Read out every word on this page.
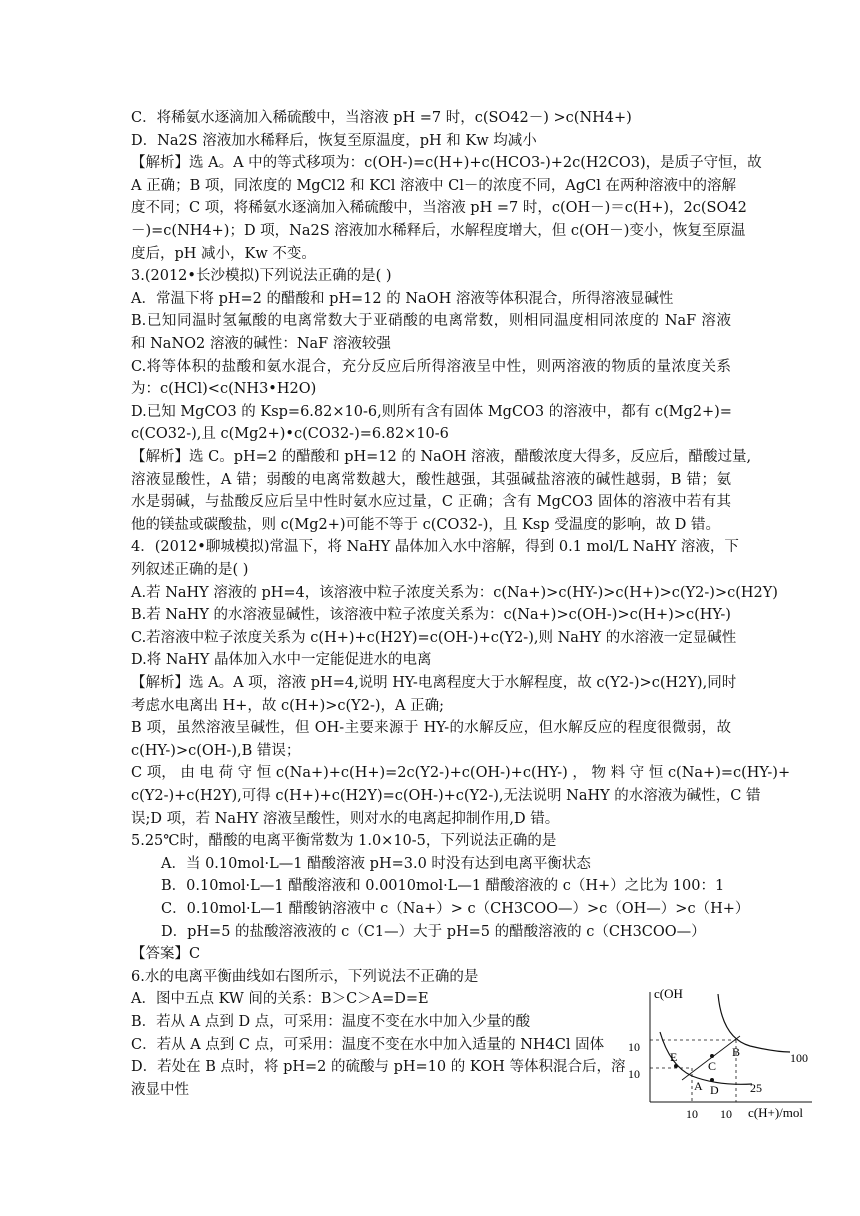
C．将稀氨水逐滴加入稀硫酸中，当溶液 pH =7 时，c(SO42－) >c(NH4+)
D．Na2S 溶液加水稀释后，恢复至原温度，pH 和 Kw 均减小
【解析】选 A。A 中的等式移项为：c(OH-)=c(H+)+c(HCO3-)+2c(H2CO3)，是质子守恒，故
A 正确；B 项，同浓度的 MgCl2 和 KCl 溶液中 Cl－的浓度不同，AgCl 在两种溶液中的溶解
度不同；C 项，将稀氨水逐滴加入稀硫酸中，当溶液 pH =7 时，c(OH－)＝c(H+)，2c(SO42
－)=c(NH4+)；D 项，Na2S 溶液加水稀释后，水解程度增大，但 c(OH－)变小，恢复至原温
度后，pH 减小，Kw 不变。
3.(2012•长沙模拟)下列说法正确的是( )
A．常温下将 pH=2 的醋酸和 pH=12 的 NaOH 溶液等体积混合，所得溶液显碱性
B.已知同温时氢氟酸的电离常数大于亚硝酸的电离常数，则相同温度相同浓度的 NaF 溶液
和 NaNO2 溶液的碱性：NaF 溶液较强
C.将等体积的盐酸和氨水混合，充分反应后所得溶液呈中性，则两溶液的物质的量浓度关系
为：c(HCl)<c(NH3•H2O)
D.已知 MgCO3 的 Ksp=6.82×10-6,则所有含有固体 MgCO3 的溶液中，都有 c(Mg2+)=
c(CO32-),且 c(Mg2+)•c(CO32-)=6.82×10-6
【解析】选 C。pH=2 的醋酸和 pH=12 的 NaOH 溶液，醋酸浓度大得多，反应后，醋酸过量,
溶液显酸性，A 错；弱酸的电离常数越大，酸性越强，其强碱盐溶液的碱性越弱，B 错；氨
水是弱碱，与盐酸反应后呈中性时氨水应过量，C 正确；含有 MgCO3 固体的溶液中若有其
他的镁盐或碳酸盐，则 c(Mg2+)可能不等于 c(CO32-)，且 Ksp 受温度的影响，故 D 错。
4．(2012•聊城模拟)常温下，将 NaHY 晶体加入水中溶解，得到 0.1 mol/L NaHY 溶液，下
列叙述正确的是( )
A.若 NaHY 溶液的 pH=4，该溶液中粒子浓度关系为：c(Na+)>c(HY-)>c(H+)>c(Y2-)>c(H2Y)
B.若 NaHY 的水溶液显碱性，该溶液中粒子浓度关系为：c(Na+)>c(OH-)>c(H+)>c(HY-)
C.若溶液中粒子浓度关系为 c(H+)+c(H2Y)=c(OH-)+c(Y2-),则 NaHY 的水溶液一定显碱性
D.将 NaHY 晶体加入水中一定能促进水的电离
【解析】选 A。A 项，溶液 pH=4,说明 HY-电离程度大于水解程度，故 c(Y2-)>c(H2Y),同时
考虑水电离出 H+，故 c(H+)>c(Y2-)，A 正确;
B 项，虽然溶液呈碱性，但 OH-主要来源于 HY-的水解反应，但水解反应的程度很微弱，故
c(HY-)>c(OH-),B 错误；
C 项， 由 电 荷 守 恒 c(Na+)+c(H+)=2c(Y2-)+c(OH-)+c(HY-) ， 物 料 守 恒 c(Na+)=c(HY-)+
c(Y2-)+c(H2Y),可得 c(H+)+c(H2Y)=c(OH-)+c(Y2-),无法说明 NaHY 的水溶液为碱性，C 错
误;D 项，若 NaHY 溶液呈酸性，则对水的电离起抑制作用,D 错。
5.25℃时，醋酸的电离平衡常数为 1.0×10-5，下列说法正确的是
A．当 0.10mol·L—1 醋酸溶液 pH=3.0 时没有达到电离平衡状态
B．0.10mol·L—1 醋酸溶液和 0.0010mol·L—1 醋酸溶液的 c（H+）之比为 100：1
C．0.10mol·L—1 醋酸钠溶液中 c（Na+）> c（CH3COO—）>c（OH—）>c（H+）
D．pH=5 的盐酸溶液液的 c（C1—）大于 pH=5 的醋酸溶液的 c（CH3COO—）
【答案】C
6.水的电离平衡曲线如右图所示，下列说法不正确的是
A．图中五点 KW 间的关系：B＞C＞A=D=E
B．若从 A 点到 D 点，可采用：温度不变在水中加入少量的酸
C．若从 A 点到 C 点，可采用：温度不变在水中加入适量的 NH4Cl 固体
D．若处在 B 点时，将 pH=2 的硫酸与 pH=10 的 KOH 等体积混合后，溶
液显中性
c(OH
c(H+)/mol
10
10
10 10
100
25
E
A
B
C
D
